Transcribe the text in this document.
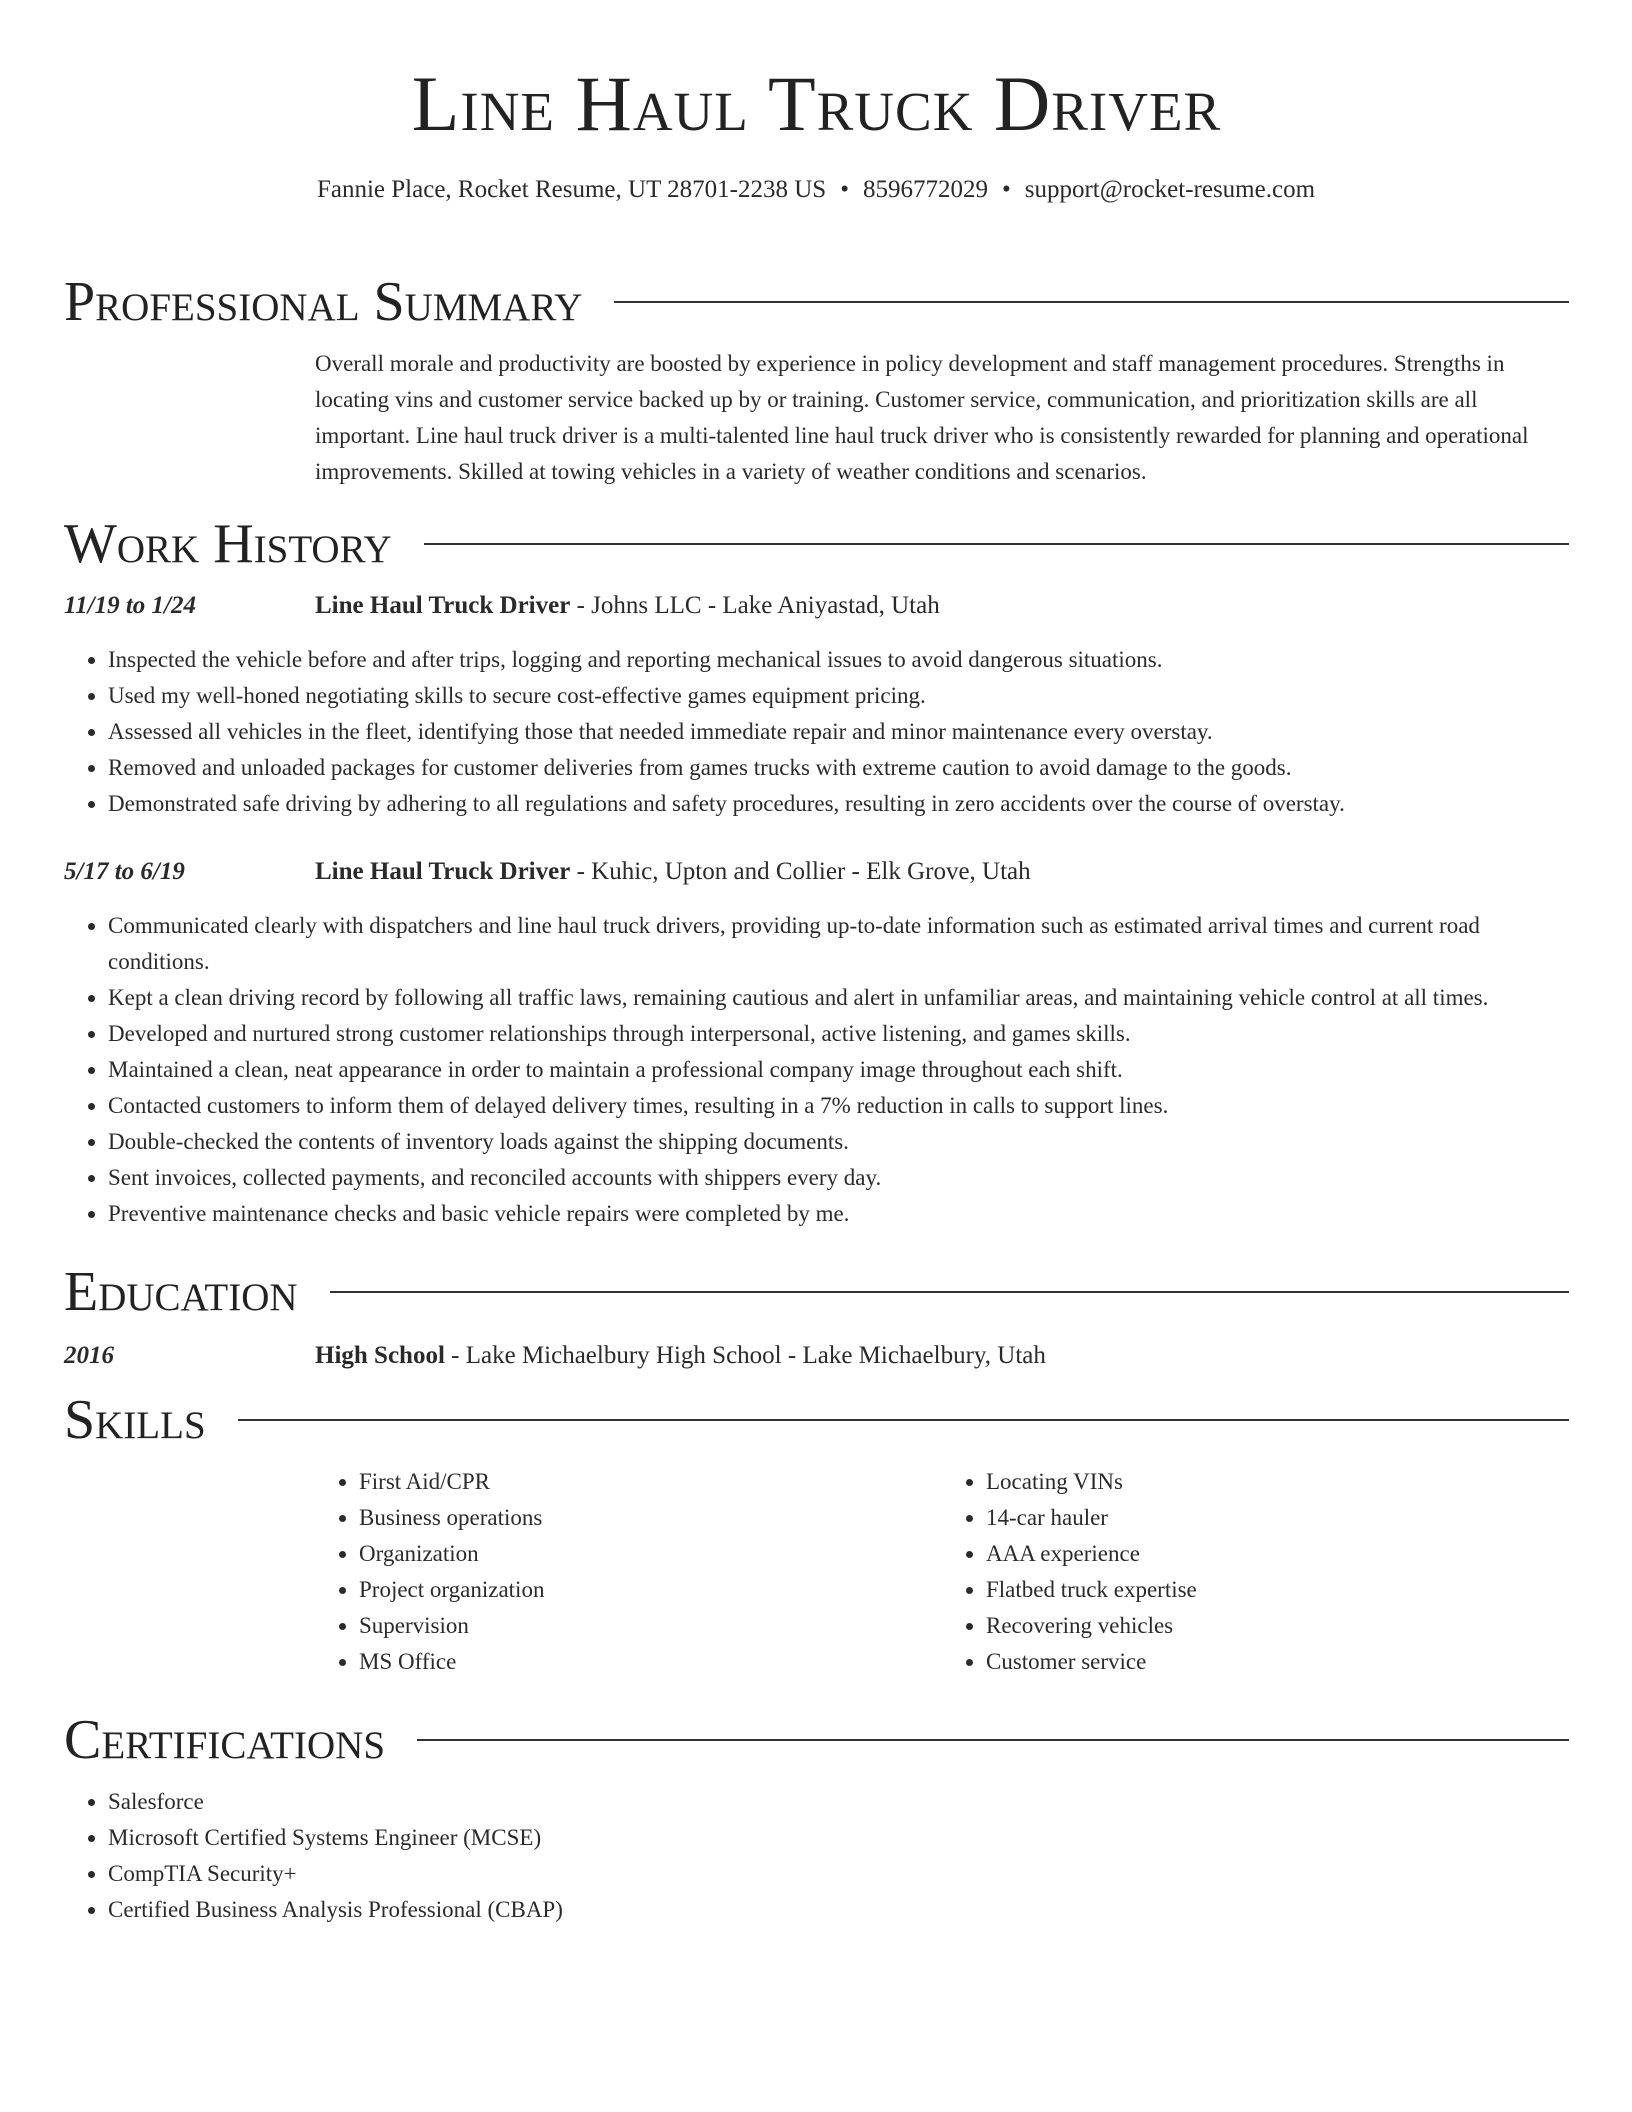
Line Haul Truck Driver
Fannie Place, Rocket Resume, UT 28701-2238 US • 8596772029 • support@rocket-resume.com
Professional Summary
Overall morale and productivity are boosted by experience in policy development and staff management procedures. Strengths in locating vins and customer service backed up by or training. Customer service, communication, and prioritization skills are all important. Line haul truck driver is a multi-talented line haul truck driver who is consistently rewarded for planning and operational improvements. Skilled at towing vehicles in a variety of weather conditions and scenarios.
Work History
11/19 to 1/24	Line Haul Truck Driver - Johns LLC - Lake Aniyastad, Utah
• Inspected the vehicle before and after trips, logging and reporting mechanical issues to avoid dangerous situations.
• Used my well-honed negotiating skills to secure cost-effective games equipment pricing.
• Assessed all vehicles in the fleet, identifying those that needed immediate repair and minor maintenance every overstay.
• Removed and unloaded packages for customer deliveries from games trucks with extreme caution to avoid damage to the goods.
• Demonstrated safe driving by adhering to all regulations and safety procedures, resulting in zero accidents over the course of overstay.
5/17 to 6/19	Line Haul Truck Driver - Kuhic, Upton and Collier - Elk Grove, Utah
• Communicated clearly with dispatchers and line haul truck drivers, providing up-to-date information such as estimated arrival times and current road conditions.
• Kept a clean driving record by following all traffic laws, remaining cautious and alert in unfamiliar areas, and maintaining vehicle control at all times.
• Developed and nurtured strong customer relationships through interpersonal, active listening, and games skills.
• Maintained a clean, neat appearance in order to maintain a professional company image throughout each shift.
• Contacted customers to inform them of delayed delivery times, resulting in a 7% reduction in calls to support lines.
• Double-checked the contents of inventory loads against the shipping documents.
• Sent invoices, collected payments, and reconciled accounts with shippers every day.
• Preventive maintenance checks and basic vehicle repairs were completed by me.
Education
2016	High School - Lake Michaelbury High School - Lake Michaelbury, Utah
Skills
• First Aid/CPR
• Business operations
• Organization
• Project organization
• Supervision
• MS Office
• Locating VINs
• 14-car hauler
• AAA experience
• Flatbed truck expertise
• Recovering vehicles
• Customer service
Certifications
• Salesforce
• Microsoft Certified Systems Engineer (MCSE)
• CompTIA Security+
• Certified Business Analysis Professional (CBAP)
